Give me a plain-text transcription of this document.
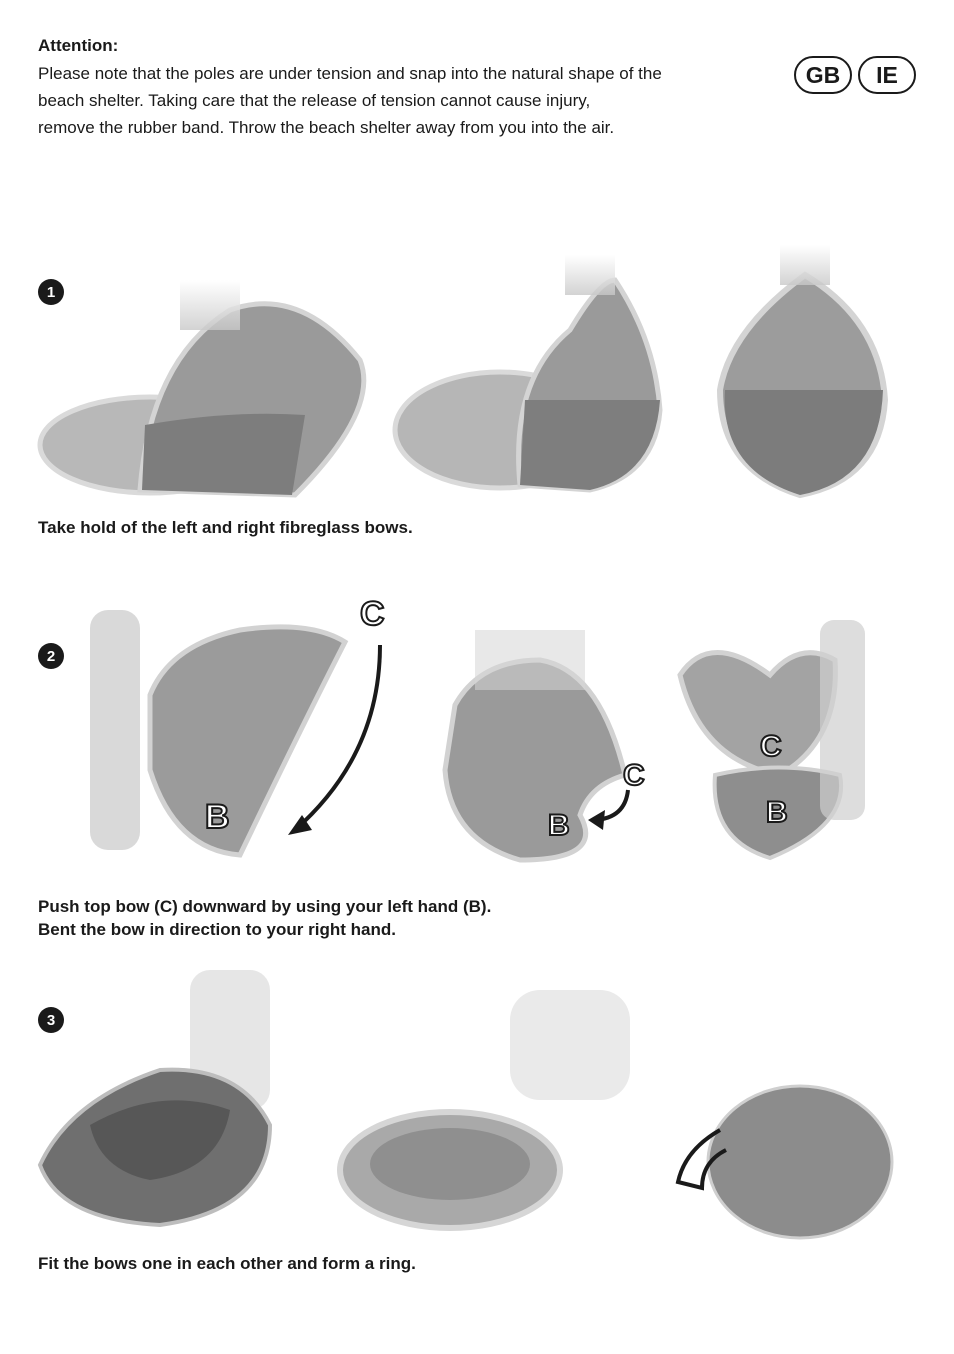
Attention:
Please note that the poles are under tension and snap into the natural shape of the
beach shelter. Taking care that the release of tension cannot cause injury,
remove the rubber band. Throw the beach shelter away from you into the air.
GB	IE
1
Take hold of the left and right fibreglass bows.
2
C
B
C
B
C
B
Push top bow (C) downward by using your left hand (B).
Bent the bow in direction to your right hand.
3
Fit the bows one in each other and form a ring.
